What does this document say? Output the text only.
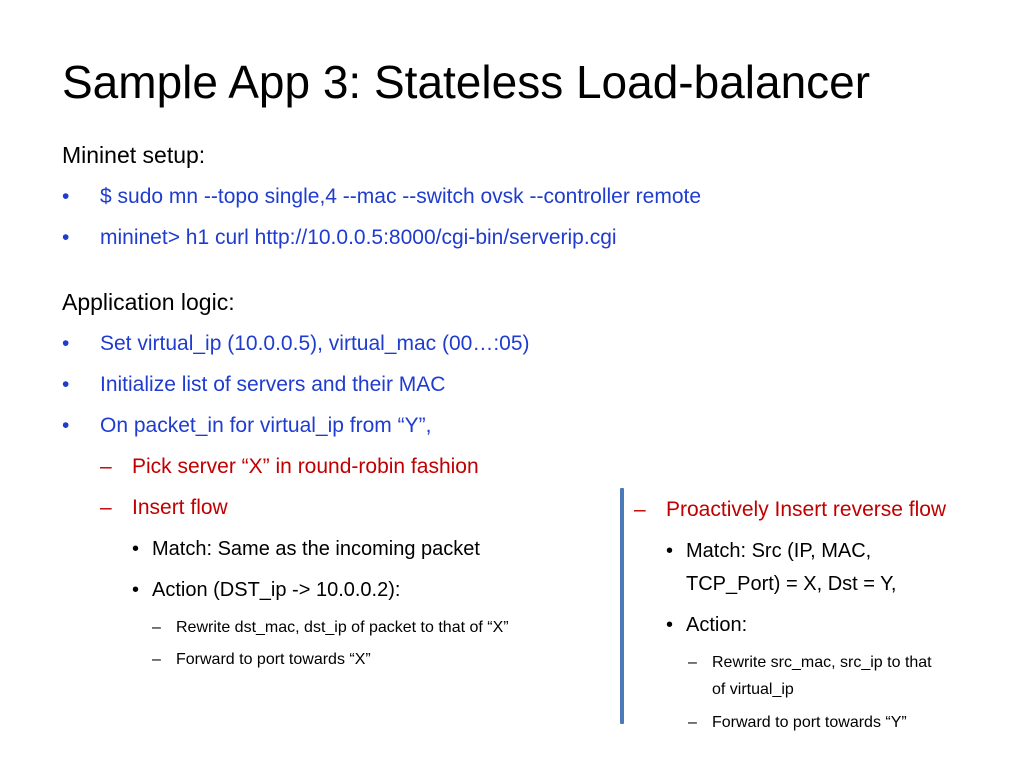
Sample App 3: Stateless Load-balancer
Mininet setup:
• $ sudo mn --topo single,4 --mac --switch ovsk --controller remote
• mininet> h1 curl http://10.0.0.5:8000/cgi-bin/serverip.cgi
Application logic:
• Set virtual_ip (10.0.0.5), virtual_mac (00…:05)
• Initialize list of servers and their MAC
• On packet_in for virtual_ip from “Y”,
– Pick server “X” in round-robin fashion
– Insert flow
• Match: Same as the incoming packet
• Action (DST_ip -> 10.0.0.2):
– Rewrite dst_mac, dst_ip of packet to that of “X”
– Forward to port towards “X”
– Proactively Insert reverse flow
• Match: Src (IP, MAC,
TCP_Port) = X, Dst = Y,
• Action:
– Rewrite src_mac, src_ip to that
of virtual_ip
– Forward to port towards “Y”
